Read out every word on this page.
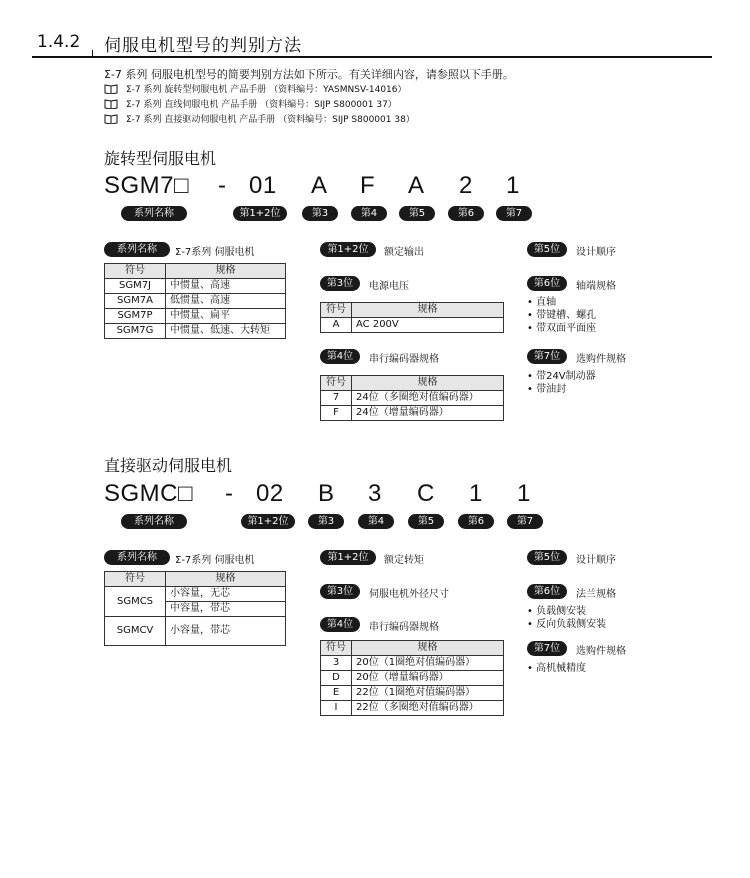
1.4.2 伺服电机型号的判别方法
Σ-7 系列 伺服电机型号的简要判别方法如下所示。有关详细内容，请参照以下手册。
Σ-7 系列 旋转型伺服电机 产品手册 （资料编号：YASMNSV-14016）
Σ-7 系列 直线伺服电机 产品手册 （资料编号：SIJP S800001 37）
Σ-7 系列 直接驱动伺服电机 产品手册 （资料编号：SIJP S800001 38）
旋转型伺服电机
SGM7□ - 01 A F A 2 1
系列名称	第1+2位	第3位
第4位
第5位
第6位
第7位
系列名称	Σ-7系列 伺服电机
符号	规格
SGM7J	中惯量、高速
SGM7A	低惯量、高速
SGM7P	中惯量、扁平
SGM7G	中惯量、低速、大转矩
第1+2位	额定输出
第3位	电源电压
符号	规格
A	AC 200V
第4位	串行编码器规格
符号	规格
7	24位（多圈绝对值编码器）
F	24位（增量编码器）
第5位	设计顺序
第6位	轴端规格
• 直轴
• 带键槽、螺孔
• 带双面平面座
第7位	选购件规格
• 带24V制动器
• 带油封
直接驱动伺服电机
SGMC□ - 02 B 3 C 1 1
系列名称	第1+2位	第3位
第4位
第5位
第6位
第7位
系列名称	Σ-7系列 伺服电机
符号	规格
SGMCS	小容量，无芯
	中容量，带芯
SGMCV	小容量，带芯
第1+2位	额定转矩
第3位	伺服电机外径尺寸
第4位	串行编码器规格
符号	规格
3	20位（1圈绝对值编码器）
D	20位（增量编码器）
E	22位（1圈绝对值编码器）
I	22位（多圈绝对值编码器）
第5位	设计顺序
第6位	法兰规格
• 负载侧安装
• 反向负载侧安装
第7位	选购件规格
• 高机械精度
